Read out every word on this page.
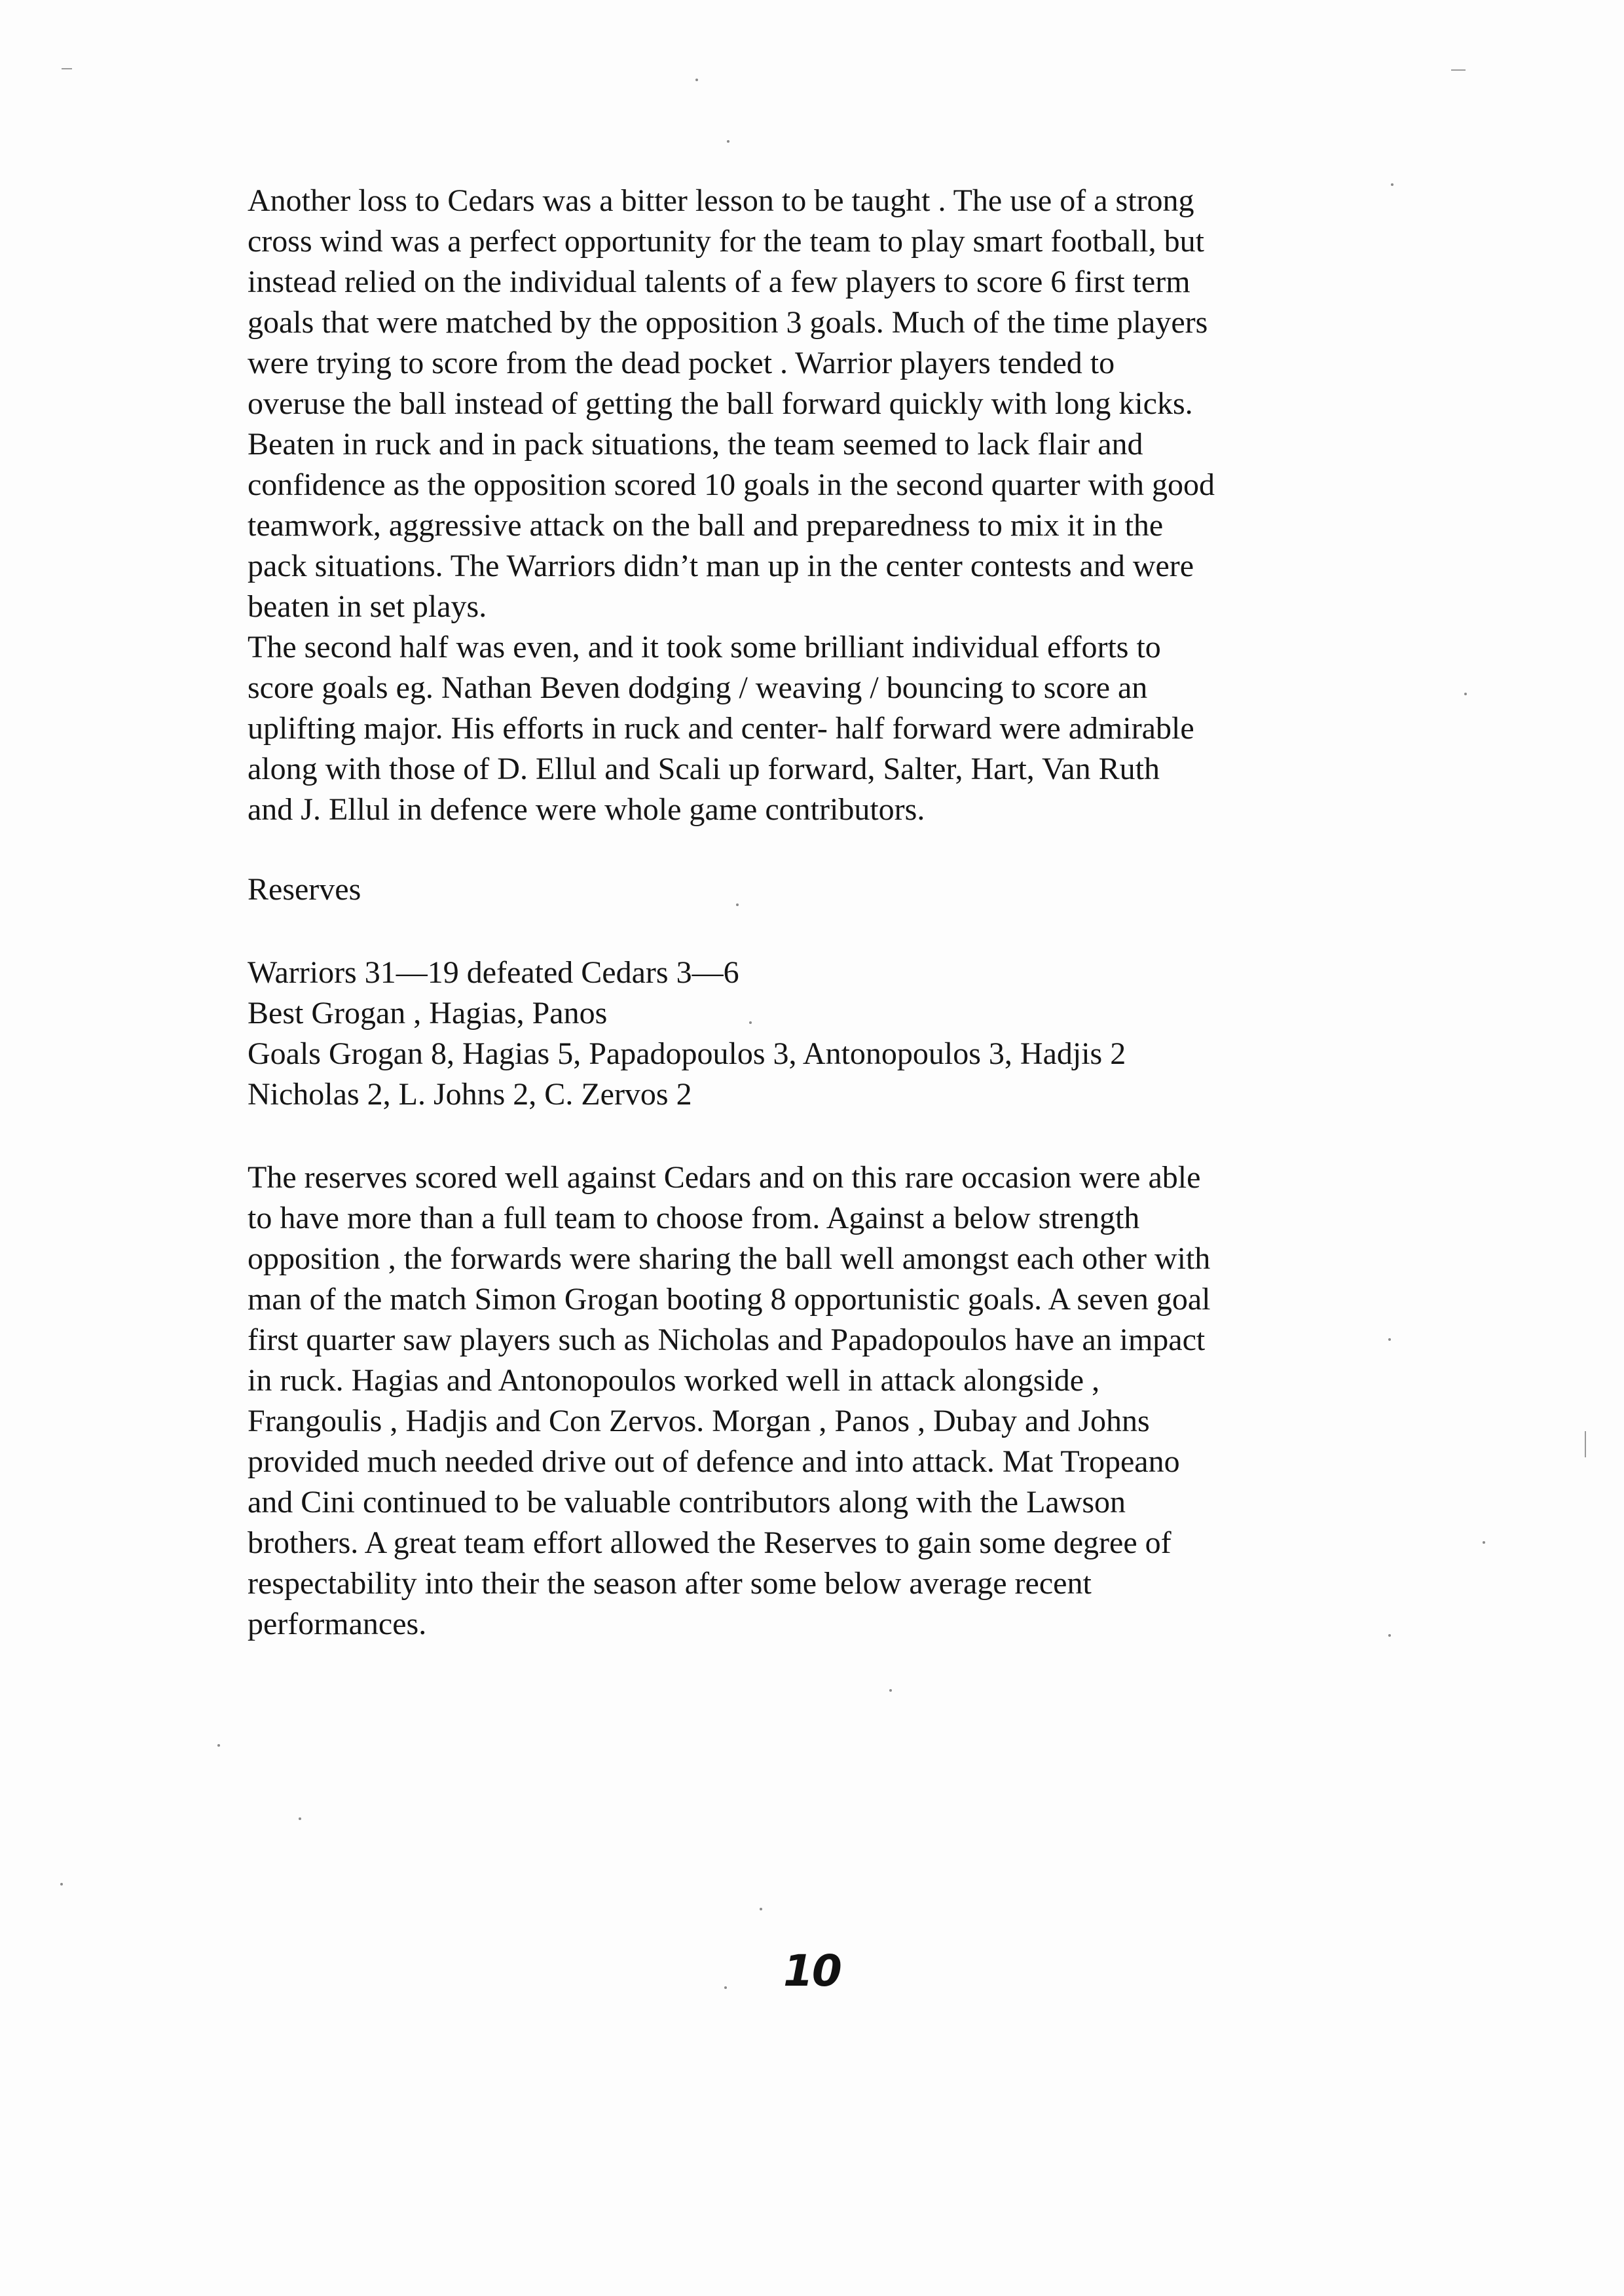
Another loss to Cedars was a bitter lesson to be taught . The use of a strong
cross wind was a perfect opportunity for the team to play smart football, but
instead relied on the individual talents of a few players to score 6 first term
goals that were matched by the opposition 3 goals. Much of the time players
were trying to score from the dead pocket . Warrior players tended to
overuse the ball instead of getting the ball forward quickly with long kicks.
Beaten in ruck and in pack situations, the team seemed to lack flair and
confidence as the opposition scored 10 goals in the second quarter with good
teamwork, aggressive attack on the ball and preparedness to mix it in the
pack situations. The Warriors didn’t man up in the center contests and were
beaten in set plays.
The second half was even, and it took some brilliant individual efforts to
score goals eg. Nathan Beven dodging / weaving / bouncing to score an
uplifting major. His efforts in ruck and center- half forward were admirable
along with those of D. Ellul and Scali up forward, Salter, Hart, Van Ruth
and J. Ellul in defence were whole game contributors.
Reserves
Warriors 31—19 defeated Cedars 3—6
Best Grogan , Hagias, Panos
Goals Grogan 8, Hagias 5, Papadopoulos 3, Antonopoulos 3, Hadjis 2
Nicholas 2, L. Johns 2, C. Zervos 2
The reserves scored well against Cedars and on this rare occasion were able
to have more than a full team to choose from. Against a below strength
opposition , the forwards were sharing the ball well amongst each other with
man of the match Simon Grogan booting 8 opportunistic goals. A seven goal
first quarter saw players such as Nicholas and Papadopoulos have an impact
in ruck. Hagias and Antonopoulos worked well in attack alongside ,
Frangoulis , Hadjis and Con Zervos. Morgan , Panos , Dubay and Johns
provided much needed drive out of defence and into attack. Mat Tropeano
and Cini continued to be valuable contributors along with the Lawson
brothers. A great team effort allowed the Reserves to gain some degree of
respectability into their the season after some below average recent
performances.
10
